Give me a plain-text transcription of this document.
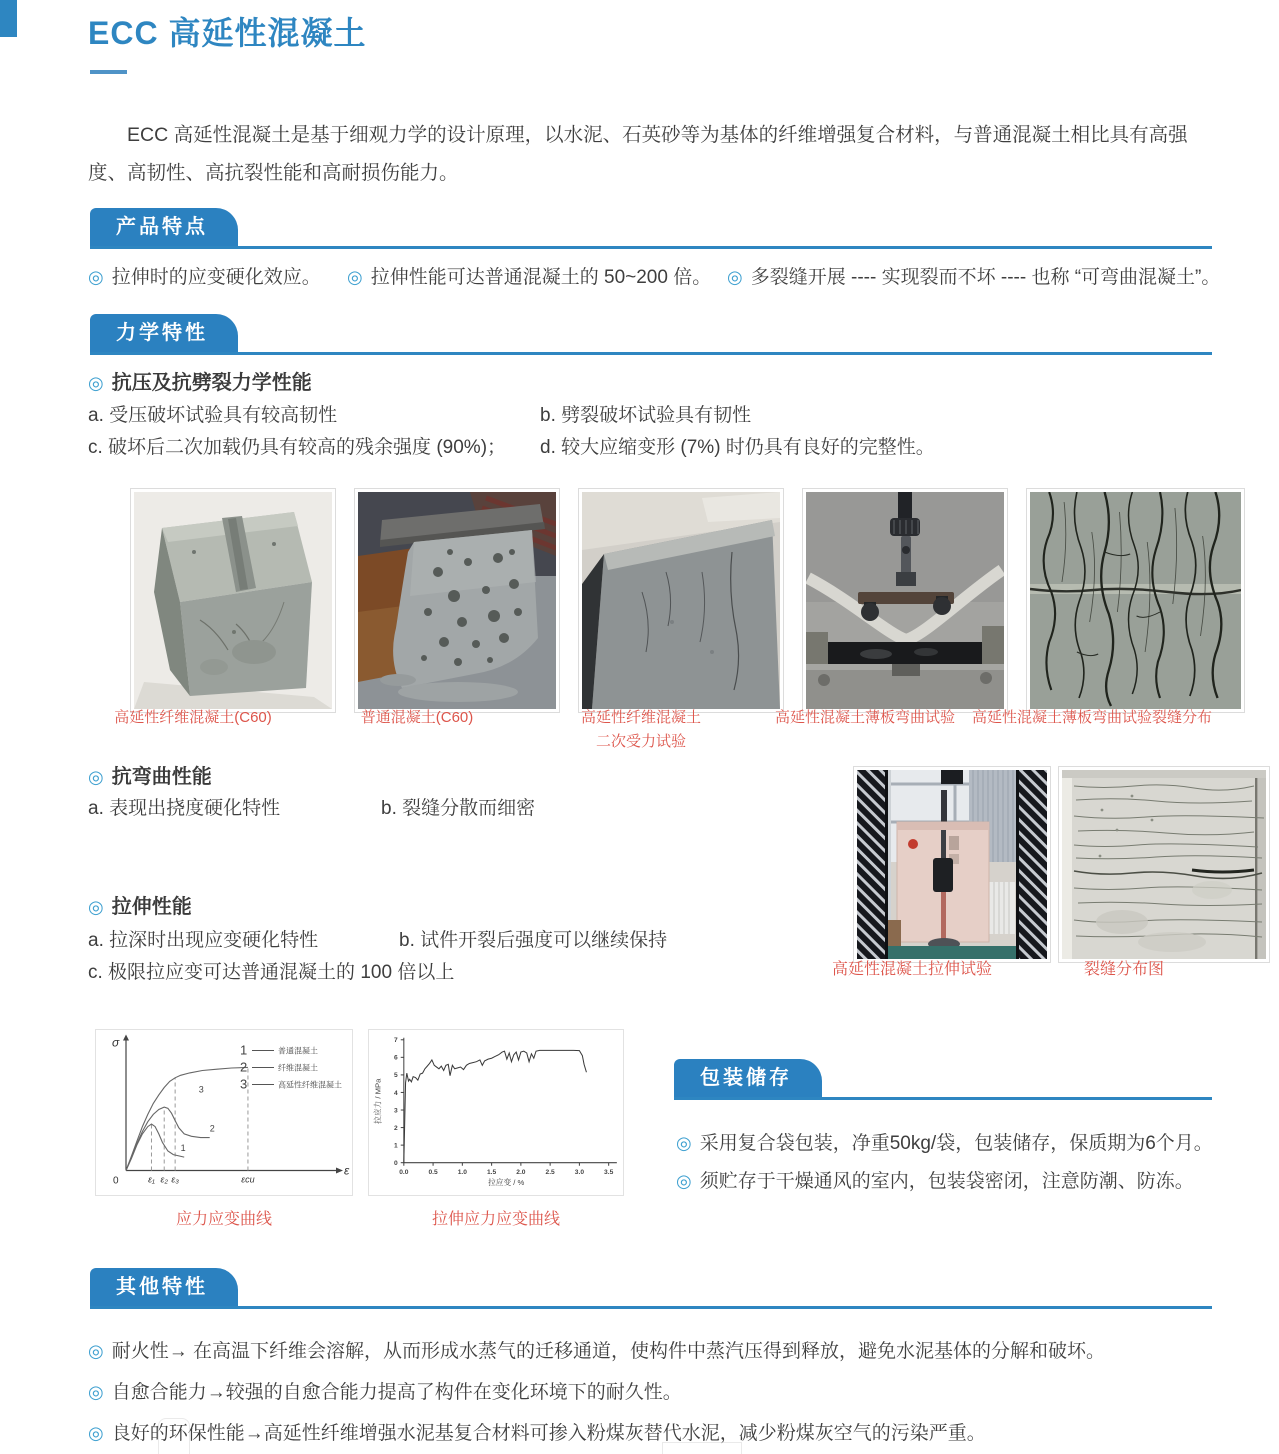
ECC 高延性混凝土

ECC 高延性混凝土是基于细观力学的设计原理，以水泥、石英砂等为基体的纤维增强复合材料，与普通混凝土相比具有高强度、高韧性、高抗裂性能和高耐损伤能力。

产品特点
◎ 拉伸时的应变硬化效应。 ◎ 拉伸性能可达普通混凝土的 50~200 倍。 ◎ 多裂缝开展 ---- 实现裂而不坏 ---- 也称 “可弯曲混凝土”。
力学特性
◎ 抗压及抗劈裂力学性能
a. 受压破坏试验具有较高韧性	b. 劈裂破坏试验具有韧性
c. 破坏后二次加载仍具有较高的残余强度 (90%)； d. 较大应缩变形 (7%) 时仍具有良好的完整性。
高延性纤维混凝土(C60)	普通混凝土(C60)	高延性纤维混凝土
二次受力试验
高延性混凝土薄板弯曲试验	高延性混凝土薄板弯曲试验裂缝分布
◎ 抗弯曲性能
a. 表现出挠度硬化特性	b. 裂缝分散而细密
◎ 拉伸性能
a. 拉深时出现应变硬化特性	b. 试件开裂后强度可以继续保持
c. 极限拉应变可达普通混凝土的 100 倍以上	高延性混凝土拉伸试验	裂缝分布图
σ
ε
0	ε₁ ε₂ ε₃	εcu
1
2
3
1	普通混凝土
2	纤维混凝土
3	高延性纤维混凝土
0.0	0.5	1.0	1.5	2.0	2.5	3.0	3.5
0
1
2
3
4
5
6
7
拉应变 / %
拉应力 / MPa
应力应变曲线	拉伸应力应变曲线
包装储存
◎ 采用复合袋包装，净重50kg/袋，包装储存，保质期为6个月。
◎ 须贮存于干燥通风的室内，包装袋密闭，注意防潮、防冻。
其他特性
◎ 耐火性→ 在高温下纤维会溶解，从而形成水蒸气的迁移通道，使构件中蒸汽压得到释放，避免水泥基体的分解和破坏。
◎ 自愈合能力→较强的自愈合能力提高了构件在变化环境下的耐久性。
◎ 良好的环保性能→高延性纤维增强水泥基复合材料可掺入粉煤灰替代水泥，减少粉煤灰空气的污染严重。
